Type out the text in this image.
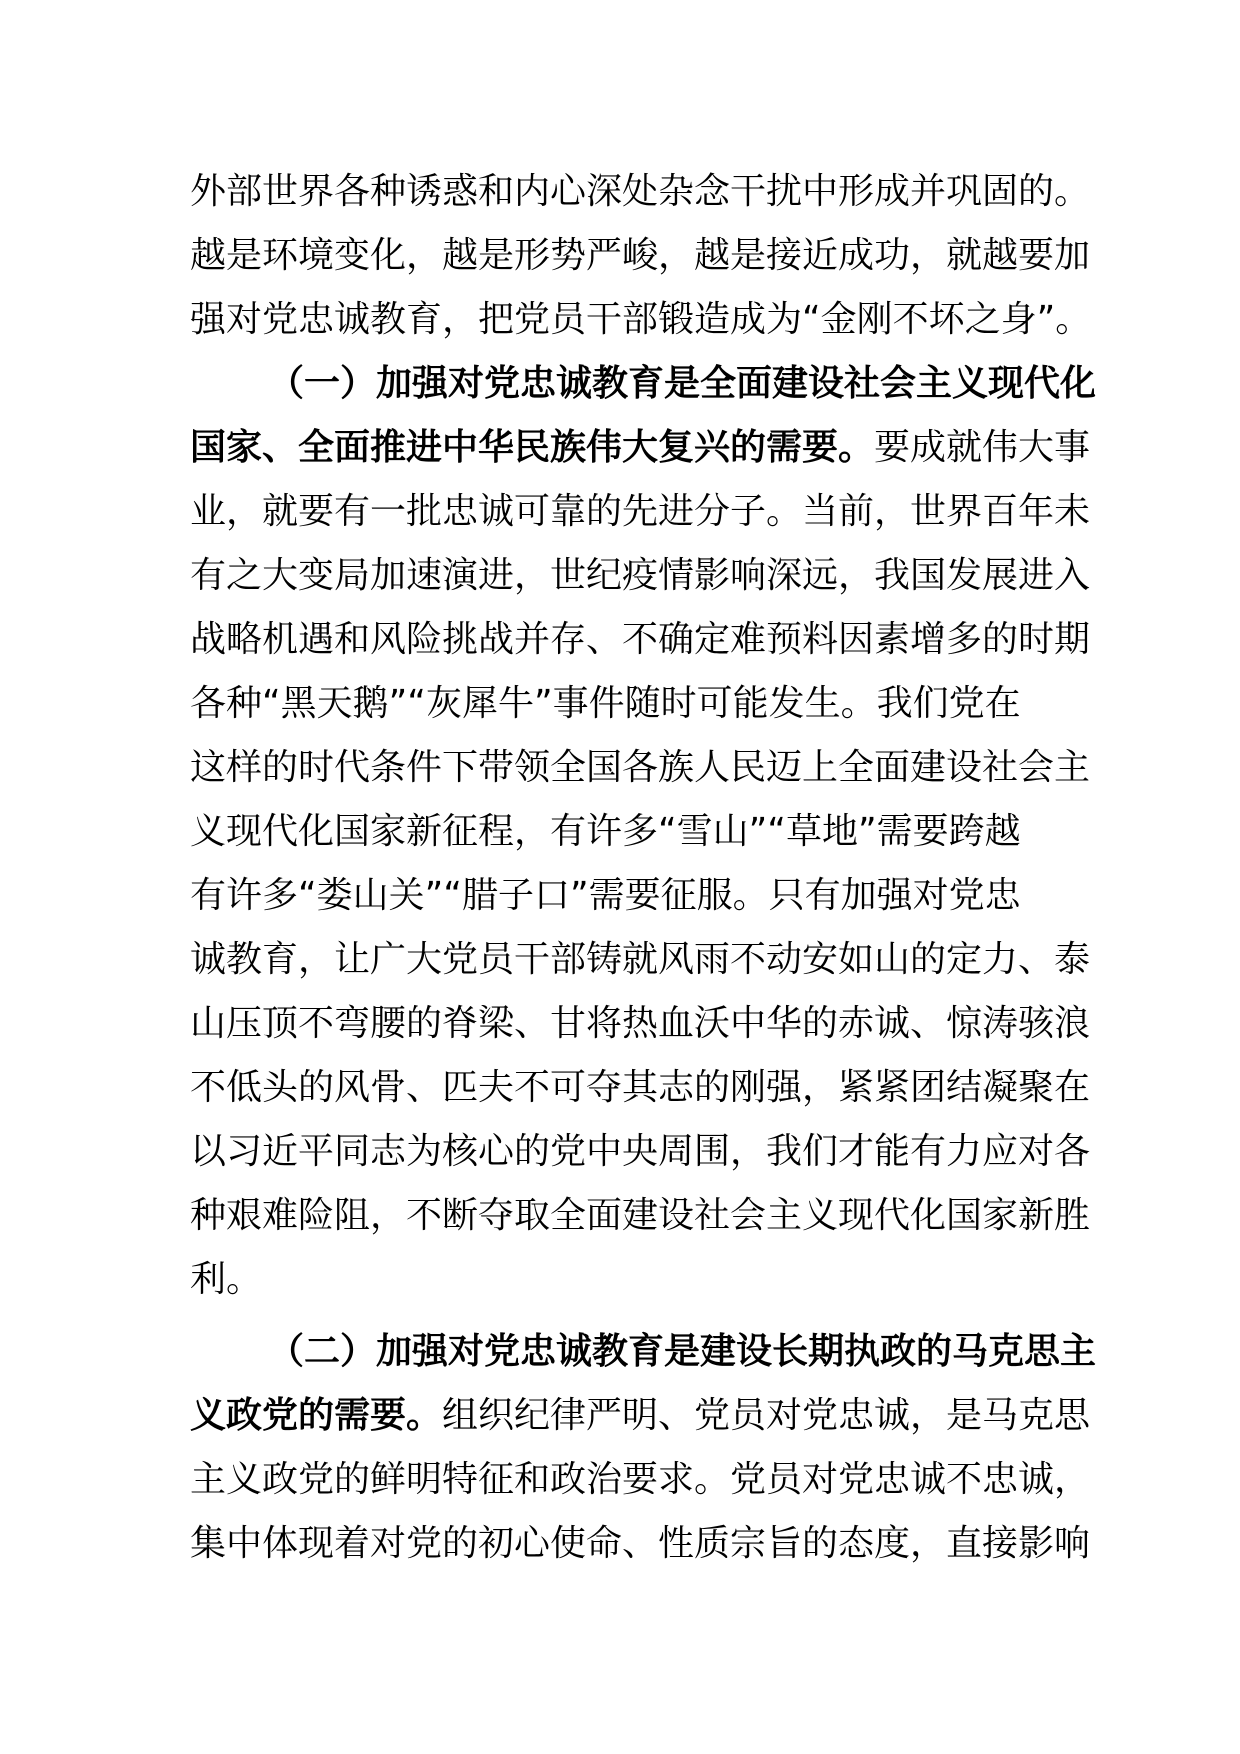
外部世界各种诱惑和内心深处杂念干扰中形成并巩固的。
越是环境变化，越是形势严峻，越是接近成功，就越要加
强对党忠诚教育，把党员干部锻造成为“金刚不坏之身”。
（一）加强对党忠诚教育是全面建设社会主义现代化
国家、全面推进中华民族伟大复兴的需要。要成就伟大事
业，就要有一批忠诚可靠的先进分子。当前，世界百年未
有之大变局加速演进，世纪疫情影响深远，我国发展进入
战略机遇和风险挑战并存、不确定难预料因素增多的时期
各种“黑天鹅”“灰犀牛”事件随时可能发生。我们党在
这样的时代条件下带领全国各族人民迈上全面建设社会主
义现代化国家新征程，有许多“雪山”“草地”需要跨越
有许多“娄山关”“腊子口”需要征服。只有加强对党忠
诚教育，让广大党员干部铸就风雨不动安如山的定力、泰
山压顶不弯腰的脊梁、甘将热血沃中华的赤诚、惊涛骇浪
不低头的风骨、匹夫不可夺其志的刚强，紧紧团结凝聚在
以习近平同志为核心的党中央周围，我们才能有力应对各
种艰难险阻，不断夺取全面建设社会主义现代化国家新胜
利。
（二）加强对党忠诚教育是建设长期执政的马克思主
义政党的需要。组织纪律严明、党员对党忠诚，是马克思
主义政党的鲜明特征和政治要求。党员对党忠诚不忠诚，
集中体现着对党的初心使命、性质宗旨的态度，直接影响
